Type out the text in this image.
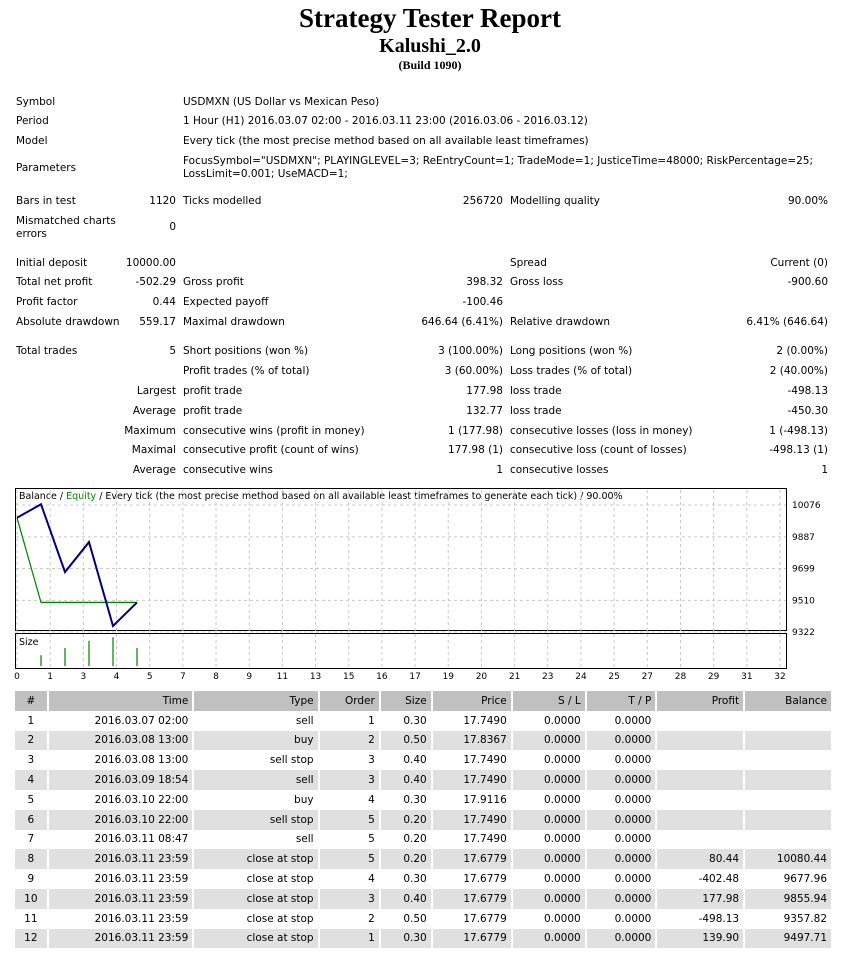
Strategy Tester Report
Kalushi_2.0
(Build 1090)
Symbol	USDMXN (US Dollar vs Mexican Peso)
Period	1 Hour (H1) 2016.03.07 02:00 - 2016.03.11 23:00 (2016.03.06 - 2016.03.12)
Model	Every tick (the most precise method based on all available least timeframes)
Parameters
FocusSymbol="USDMXN"; PLAYINGLEVEL=3; ReEntryCount=1; TradeMode=1; JusticeTime=48000; RiskPercentage=25;
LossLimit=0.001; UseMACD=1;
Bars in test	1120 Ticks modelled	256720 Modelling quality	90.00%
Mismatched charts
errors
0
Initial deposit	10000.00	Spread	Current (0)
Total net profit	-502.29 Gross profit	398.32 Gross loss	-900.60
Profit factor	0.44 Expected payoff	-100.46
Absolute drawdown	559.17 Maximal drawdown	646.64 (6.41%) Relative drawdown	6.41% (646.64)
Total trades	5 Short positions (won %)	3 (100.00%) Long positions (won %)	2 (0.00%)
Profit trades (% of total)	3 (60.00%) Loss trades (% of total)	2 (40.00%)
Largest profit trade	177.98 loss trade	-498.13
Average profit trade	132.77 loss trade	-450.30
Maximum consecutive wins (profit in money)	1 (177.98) consecutive losses (loss in money)	1 (-498.13)
Maximal consecutive profit (count of wins)	177.98 (1) consecutive loss (count of losses)	-498.13 (1)
Average consecutive wins	1 consecutive losses	1
Balance / Equity / Every tick (the most precise method based on all available least timeframes to generate each tick) / 90.00%
Size
0	1	3	4	5	7	8	9	11 13 15 16 17 19 20 21 23 24 25 27 28 29 31 32
10076
9887
9699
9510
9322
#	Time	Type	Order	Size	Price	S / L	T / P	Profit	Balance
1	2016.03.07 02:00	sell	1	0.30	17.7490	0.0000	0.0000		
2	2016.03.08 13:00	buy	2	0.50	17.8367	0.0000	0.0000		
3	2016.03.08 13:00	sell stop	3	0.40	17.7490	0.0000	0.0000		
4	2016.03.09 18:54	sell	3	0.40	17.7490	0.0000	0.0000		
5	2016.03.10 22:00	buy	4	0.30	17.9116	0.0000	0.0000		
6	2016.03.10 22:00	sell stop	5	0.20	17.7490	0.0000	0.0000		
7	2016.03.11 08:47	sell	5	0.20	17.7490	0.0000	0.0000		
8	2016.03.11 23:59	close at stop	5	0.20	17.6779	0.0000	0.0000	80.44	10080.44
9	2016.03.11 23:59	close at stop	4	0.30	17.6779	0.0000	0.0000	-402.48	9677.96
10	2016.03.11 23:59	close at stop	3	0.40	17.6779	0.0000	0.0000	177.98	9855.94
11	2016.03.11 23:59	close at stop	2	0.50	17.6779	0.0000	0.0000	-498.13	9357.82
12	2016.03.11 23:59	close at stop	1	0.30	17.6779	0.0000	0.0000	139.90	9497.71
